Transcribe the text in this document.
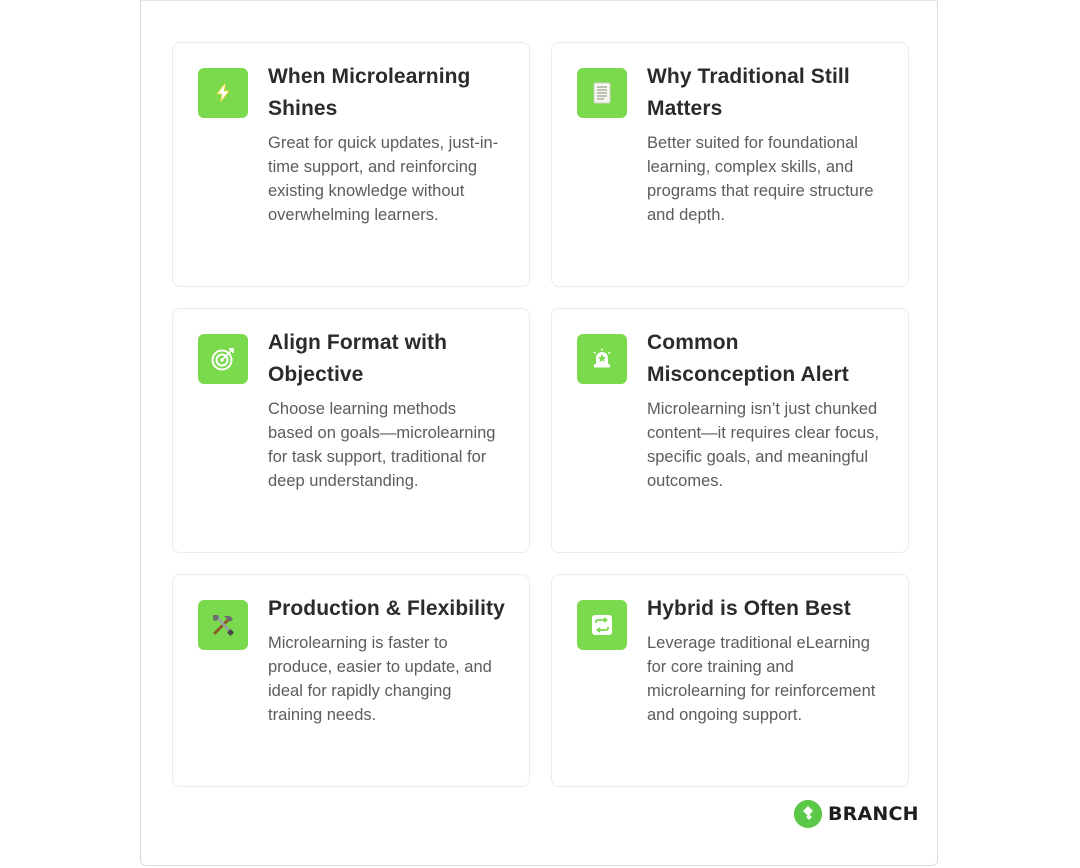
When Microlearning Shines
Great for quick updates, just-in-time support, and reinforcing existing knowledge without overwhelming learners.
Why Traditional Still Matters
Better suited for foundational learning, complex skills, and programs that require structure and depth.
Align Format with Objective
Choose learning methods based on goals—microlearning for task support, traditional for deep understanding.
Common Misconception Alert
Microlearning isn’t just chunked content—it requires clear focus, specific goals, and meaningful outcomes.
Production & Flexibility
Microlearning is faster to produce, easier to update, and ideal for rapidly changing training needs.
Hybrid is Often Best
Leverage traditional eLearning for core training and microlearning for reinforcement and ongoing support.
BRANCH
